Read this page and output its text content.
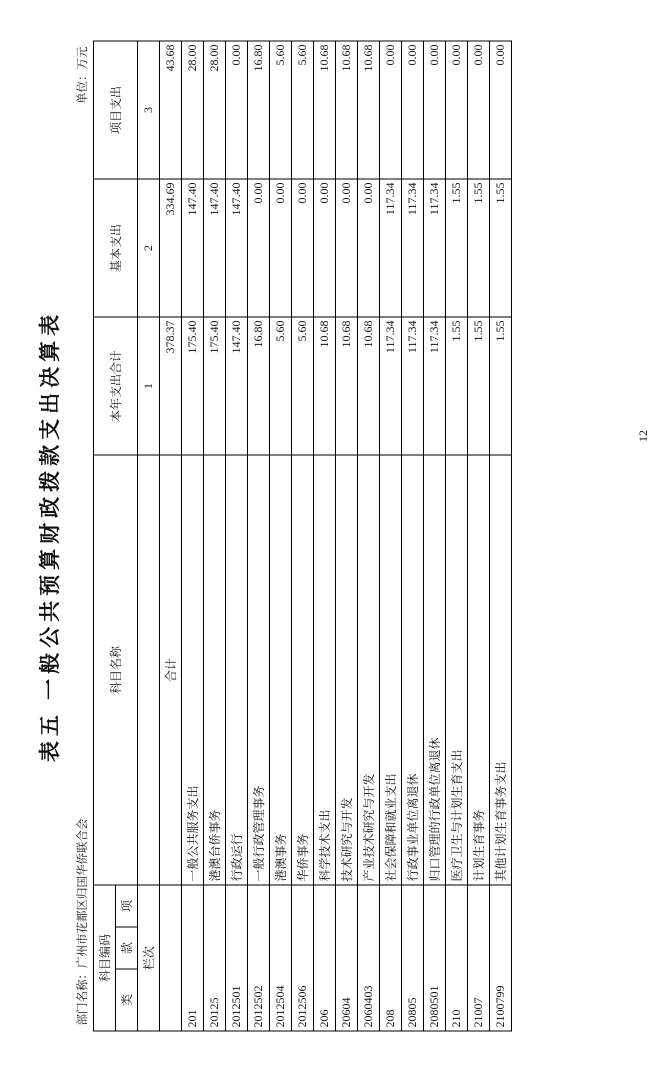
表五 一般公共预算财政拨款支出决算表
部门名称：广州市花都区归国华侨联合会
单位：万元
科目编码			科目名称	本年支出合计	基本支出	项目支出
类	款	项				
栏次				1	2	3
			合计	378.37	334.69	43.68
201			一般公共服务支出	175.40	147.40	28.00
20125			港澳台侨事务	175.40	147.40	28.00
2012501			行政运行	147.40	147.40	0.00
2012502			一般行政管理事务	16.80	0.00	16.80
2012504			港澳事务	5.60	0.00	5.60
2012506			华侨事务	5.60	0.00	5.60
206			科学技术支出	10.68	0.00	10.68
20604			技术研究与开发	10.68	0.00	10.68
2060403			产业技术研究与开发	10.68	0.00	10.68
208			社会保障和就业支出	117.34	117.34	0.00
20805			行政事业单位离退休	117.34	117.34	0.00
2080501			归口管理的行政单位离退休	117.34	117.34	0.00
210			医疗卫生与计划生育支出	1.55	1.55	0.00
21007			计划生育事务	1.55	1.55	0.00
2100799			其他计划生育事务支出	1.55	1.55	0.00
12
